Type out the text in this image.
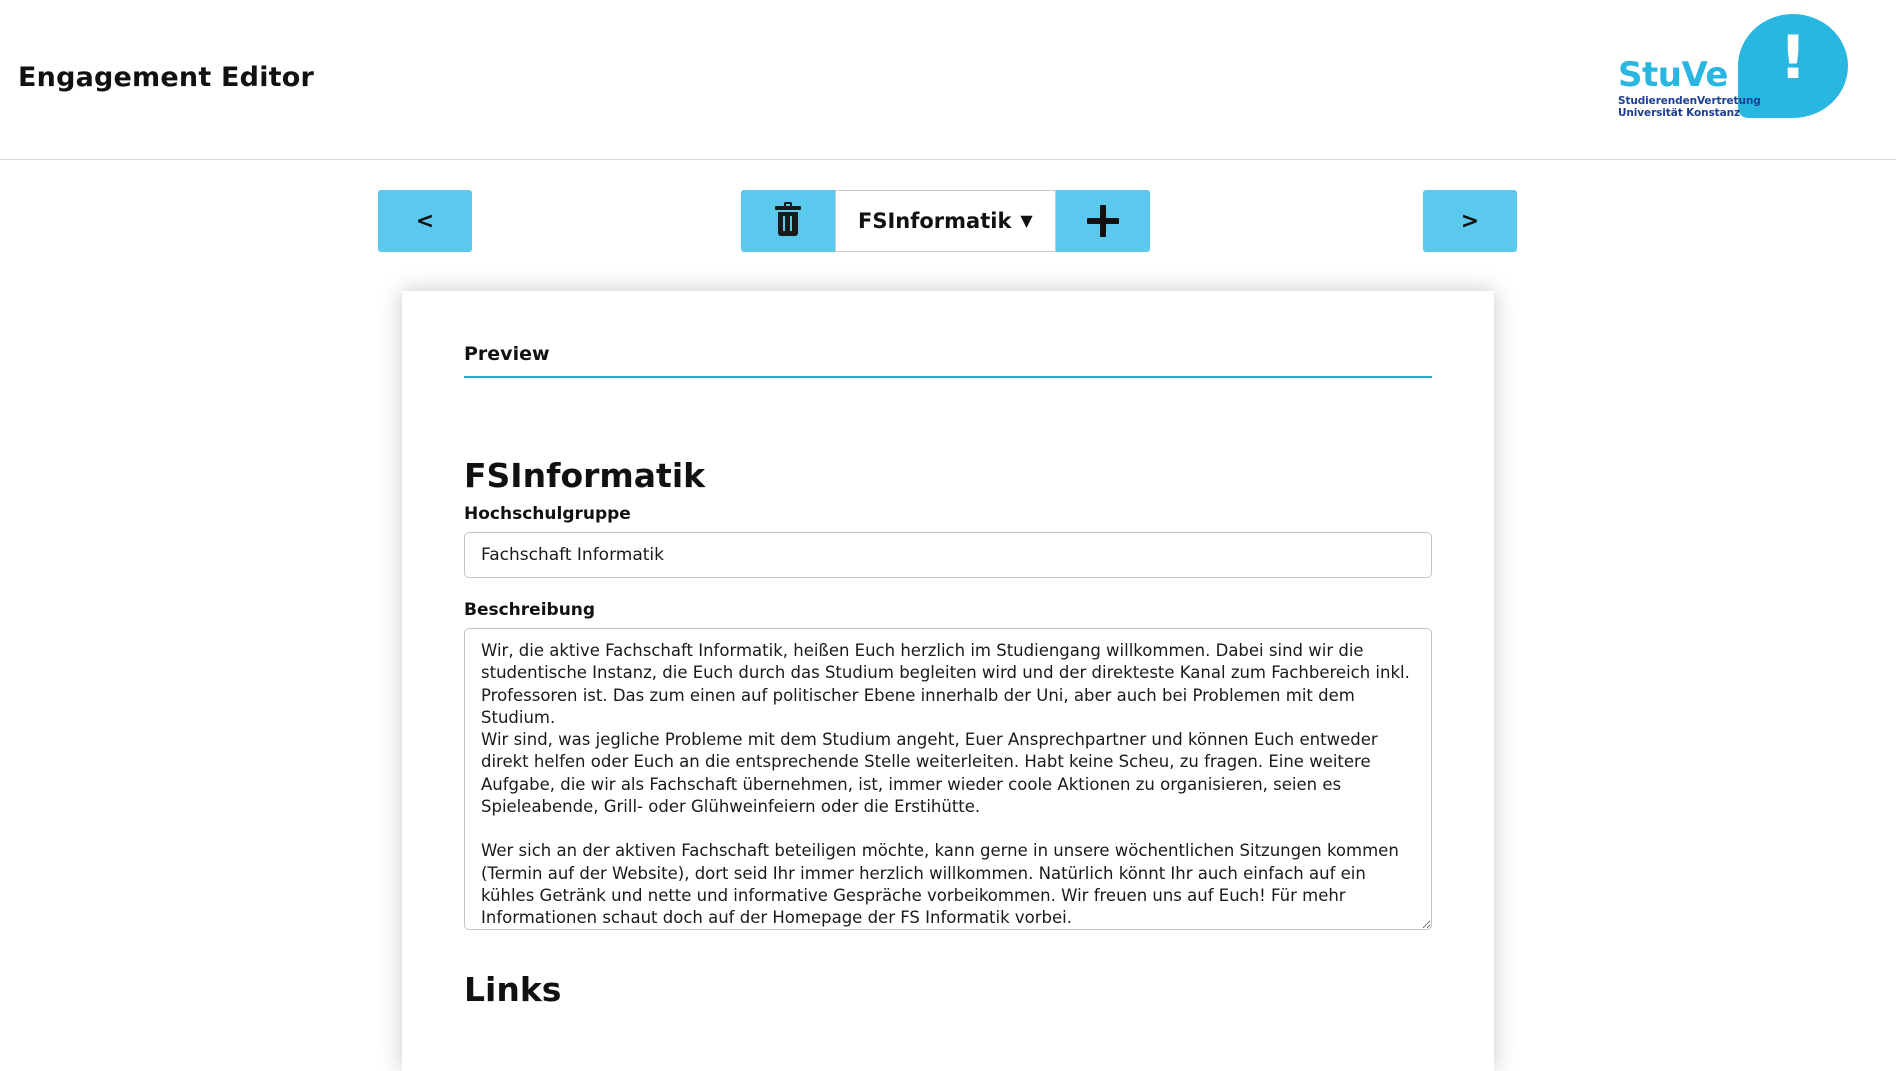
Engagement Editor	!
StuVe
StudierendenVertretung
Universität Konstanz
<	FSInformatik ▼	>
Preview
FSInformatik
Hochschulgruppe
Fachschaft Informatik
Beschreibung
Wir, die aktive Fachschaft Informatik, heißen Euch herzlich im Studiengang willkommen. Dabei sind wir die studentische Instanz, die Euch durch das Studium begleiten wird und der direkteste Kanal zum Fachbereich inkl. Professoren ist. Das zum einen auf politischer Ebene innerhalb der Uni, aber auch bei Problemen mit dem Studium. Wir sind, was jegliche Probleme mit dem Studium angeht, Euer Ansprechpartner und können Euch entweder direkt helfen oder Euch an die entsprechende Stelle weiterleiten. Habt keine Scheu, zu fragen. Eine weitere Aufgabe, die wir als Fachschaft übernehmen, ist, immer wieder coole Aktionen zu organisieren, seien es Spieleabende, Grill- oder Glühweinfeiern oder die Erstihütte. Wer sich an der aktiven Fachschaft beteiligen möchte, kann gerne in unsere wöchentlichen Sitzungen kommen (Termin auf der Website), dort seid Ihr immer herzlich willkommen. Natürlich könnt Ihr auch einfach auf ein kühles Getränk und nette und informative Gespräche vorbeikommen. Wir freuen uns auf Euch! Für mehr Informationen schaut doch auf der Homepage der FS Informatik vorbei.
Links
